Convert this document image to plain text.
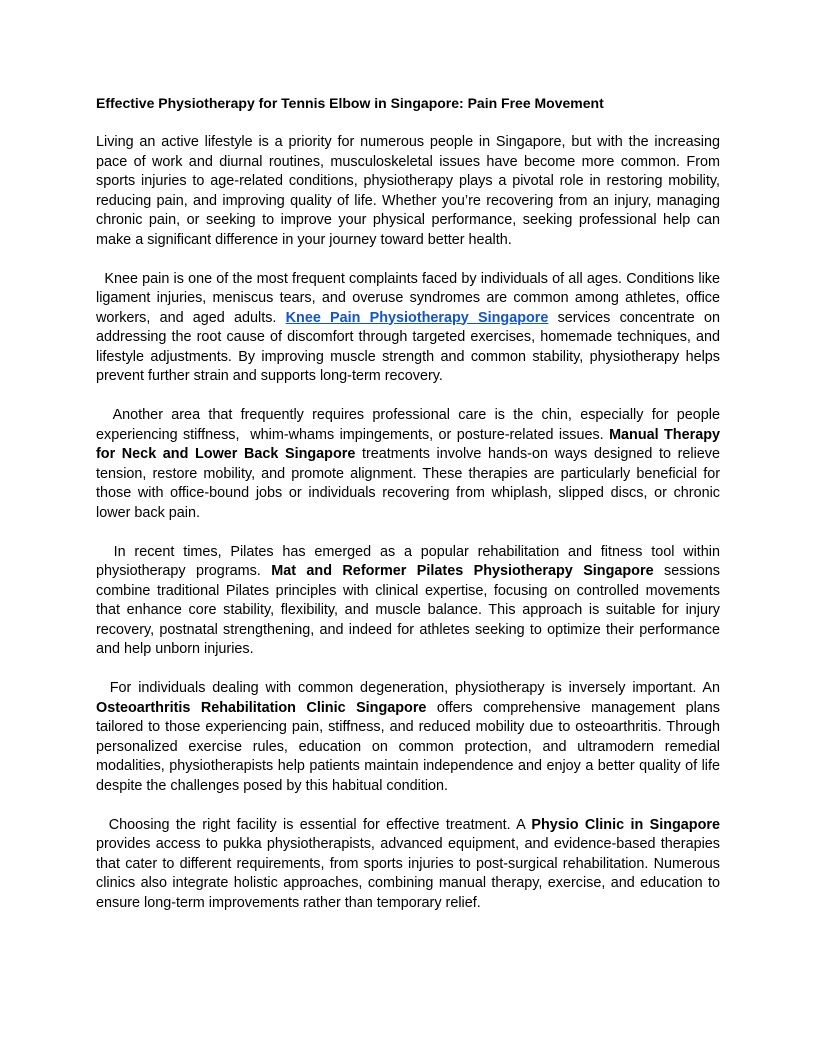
Effective Physiotherapy for Tennis Elbow in Singapore: Pain Free Movement

Living an active lifestyle is a priority for numerous people in Singapore, but with the increasing pace of work and diurnal routines, musculoskeletal issues have become more common. From sports injuries to age-related conditions, physiotherapy plays a pivotal role in restoring mobility, reducing pain, and improving quality of life. Whether you’re recovering from an injury, managing chronic pain, or seeking to improve your physical performance, seeking professional help can make a significant difference in your journey toward better health.

Knee pain is one of the most frequent complaints faced by individuals of all ages. Conditions like ligament injuries, meniscus tears, and overuse syndromes are common among athletes, office workers, and aged adults. Knee Pain Physiotherapy Singapore services concentrate on addressing the root cause of discomfort through targeted exercises, homemade techniques, and lifestyle adjustments. By improving muscle strength and common stability, physiotherapy helps prevent further strain and supports long-term recovery.

Another area that frequently requires professional care is the chin, especially for people experiencing stiffness,  whim-whams impingements, or posture-related issues. Manual Therapy for Neck and Lower Back Singapore treatments involve hands-on ways designed to relieve tension, restore mobility, and promote alignment. These therapies are particularly beneficial for those with office-bound jobs or individuals recovering from whiplash, slipped discs, or chronic lower back pain.

In recent times, Pilates has emerged as a popular rehabilitation and fitness tool within physiotherapy programs. Mat and Reformer Pilates Physiotherapy Singapore sessions combine traditional Pilates principles with clinical expertise, focusing on controlled movements that enhance core stability, flexibility, and muscle balance. This approach is suitable for injury recovery, postnatal strengthening, and indeed for athletes seeking to optimize their performance and help unborn injuries.

For individuals dealing with common degeneration, physiotherapy is inversely important. An Osteoarthritis Rehabilitation Clinic Singapore offers comprehensive management plans tailored to those experiencing pain, stiffness, and reduced mobility due to osteoarthritis. Through personalized exercise rules, education on common protection, and ultramodern remedial modalities, physiotherapists help patients maintain independence and enjoy a better quality of life despite the challenges posed by this habitual condition.

Choosing the right facility is essential for effective treatment. A Physio Clinic in Singapore provides access to pukka physiotherapists, advanced equipment, and evidence-based therapies that cater to different requirements, from sports injuries to post-surgical rehabilitation. Numerous clinics also integrate holistic approaches, combining manual therapy, exercise, and education to ensure long-term improvements rather than temporary relief.
